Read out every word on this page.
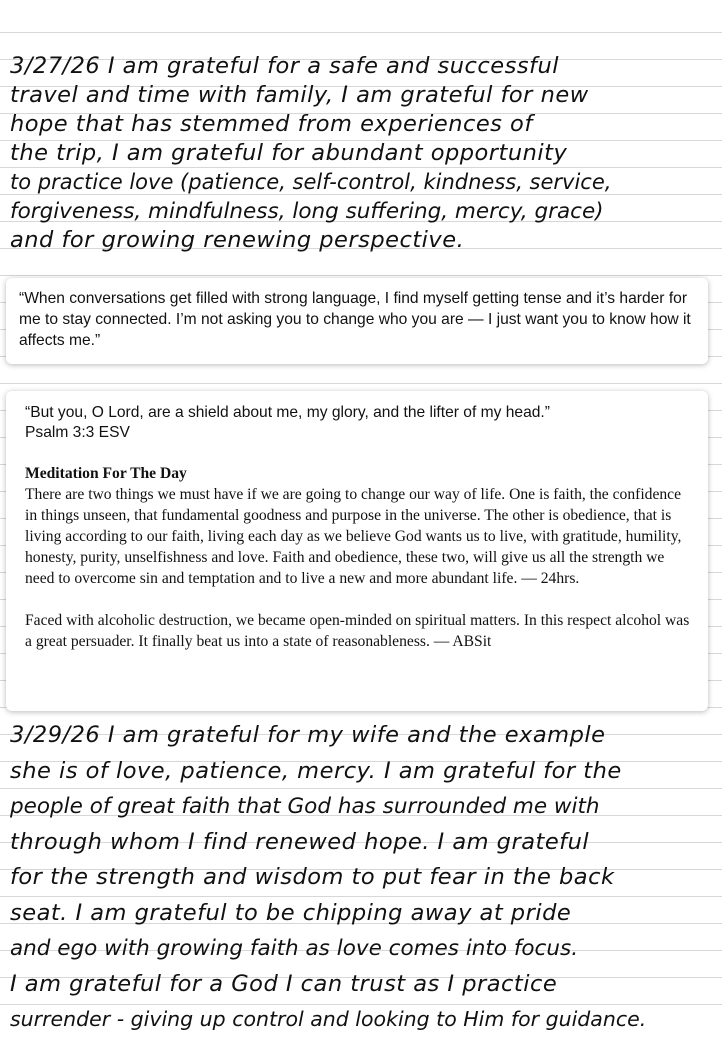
3/27/26 I am grateful for a safe and successful
travel and time with family, I am grateful for new
hope that has stemmed from experiences of
the trip, I am grateful for abundant opportunity
to practice love (patience, self-control, kindness, service,
forgiveness, mindfulness, long suffering, mercy, grace)
and for growing renewing perspective.

“When conversations get filled with strong language, I find myself getting tense and it’s harder for me to stay connected. I’m not asking you to change who you are — I just want you to know how it affects me.”

“But you, O Lord, are a shield about me, my glory, and the lifter of my head.”

Psalm 3:3 ESV

Meditation For The Day

There are two things we must have if we are going to change our way of life. One is faith, the confidence in things unseen, that fundamental goodness and purpose in the universe. The other is obedience, that is living according to our faith, living each day as we believe God wants us to live, with gratitude, humility, honesty, purity, unselfishness and love. Faith and obedience, these two, will give us all the strength we need to overcome sin and temptation and to live a new and more abundant life. — 24hrs.

Faced with alcoholic destruction, we became open-minded on spiritual matters. In this respect alcohol was a great persuader. It finally beat us into a state of reasonableness. — ABSit

3/29/26 I am grateful for my wife and the example
she is of love, patience, mercy. I am grateful for the
people of great faith that God has surrounded me with
through whom I find renewed hope. I am grateful
for the strength and wisdom to put fear in the back
seat. I am grateful to be chipping away at pride
and ego with growing faith as love comes into focus.
I am grateful for a God I can trust as I practice
surrender - giving up control and looking to Him for guidance.
